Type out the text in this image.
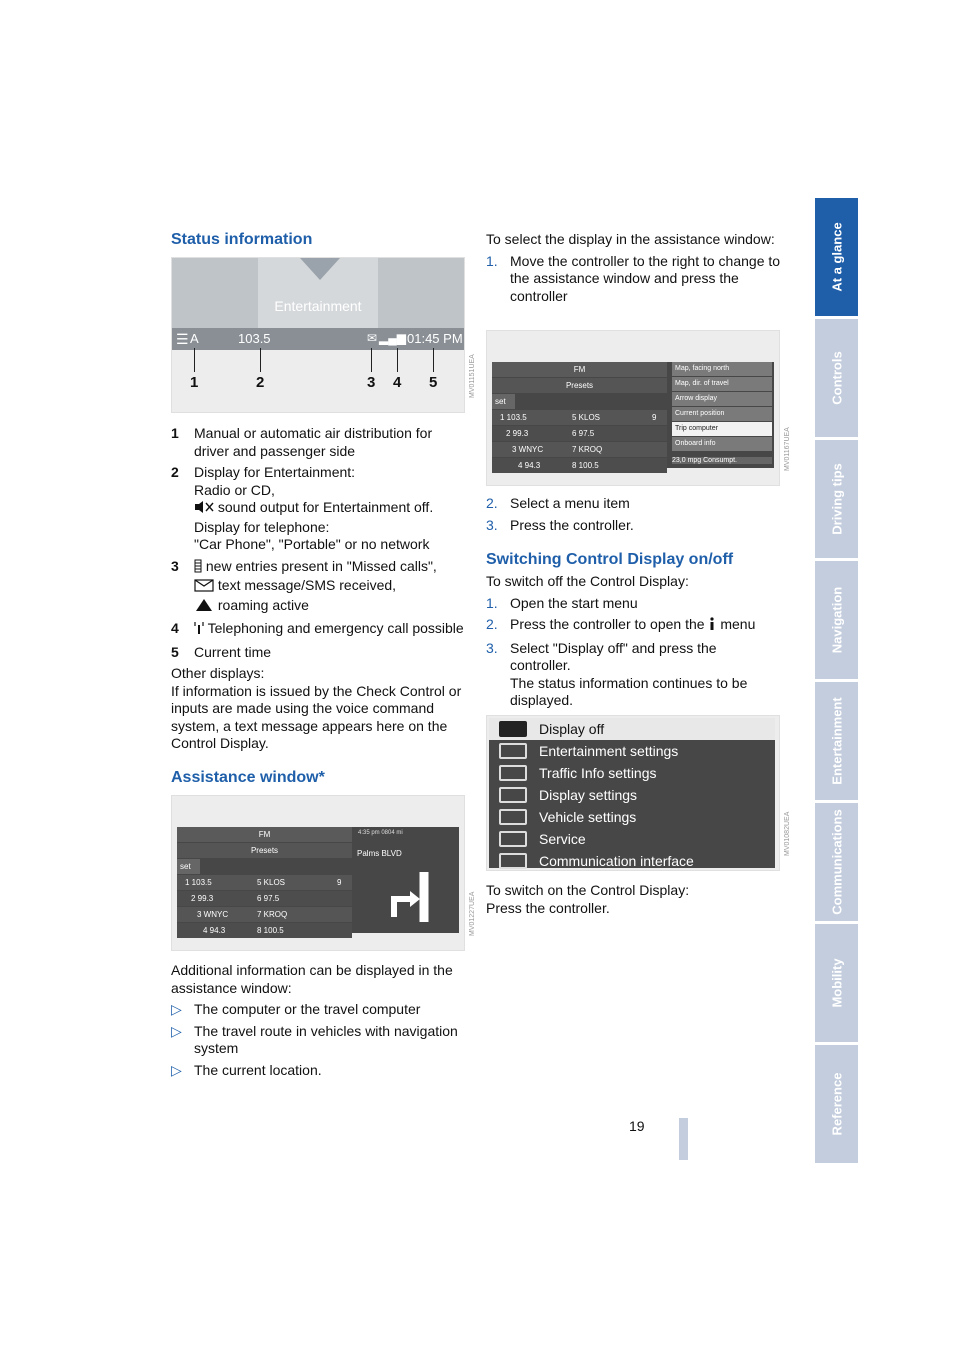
At a glance
Controls
Driving tips
Navigation
Entertainment
Communications
Mobility
Reference
Status information
Entertainment
☰ A	103.5	✉ ▂▄▆ 01:45 PM
1	2	3 4 5	MV01151UEA
1	Manual or automatic air distribution for driver and passenger side
2	Display for Entertainment:
Radio or CD,
sound output for Entertainment off.
Display for telephone:
"Car Phone", "Portable" or no network
3	new entries present in "Missed calls",
text message/SMS received,
roaming active
4	Telephoning and emergency call possible
5	Current time
Other displays:
If information is issued by the Check Control or inputs are made using the voice command system, a text message appears here on the Control Display.
Assistance window*
FM
Presets
set
1 103.5	5 KLOS	9
2 99.3	6 97.5
3 WNYC	7 KROQ
4 94.3	8 100.5
4:35 pm 0804 mi
Palms BLVD
MV01227UEA
Additional information can be displayed in the assistance window:
▷ The computer or the travel computer
▷ The travel route in vehicles with navigation system
▷ The current location.
To select the display in the assistance window:
1. Move the controller to the right to change to the assistance window and press the controller
FM
Presets
set
1 103.5	5 KLOS	9
2 99.3	6 97.5
3 WNYC	7 KROQ
4 94.3	8 100.5
Map, facing north
Map, dir. of travel
Arrow display
Current position
Trip computer
Onboard info
23,0 mpg Consumpt.	MV01167UEA
2. Select a menu item
3. Press the controller.
Switching Control Display on/off
To switch off the Control Display:
1. Open the start menu
2. Press the controller to open the  menu
3. Select "Display off" and press the controller.
The status information continues to be displayed.
Display off
Entertainment settings
Traffic Info settings
Display settings
Vehicle settings
Service
Communication interface
MV01082UEA
To switch on the Control Display:
Press the controller.
19
